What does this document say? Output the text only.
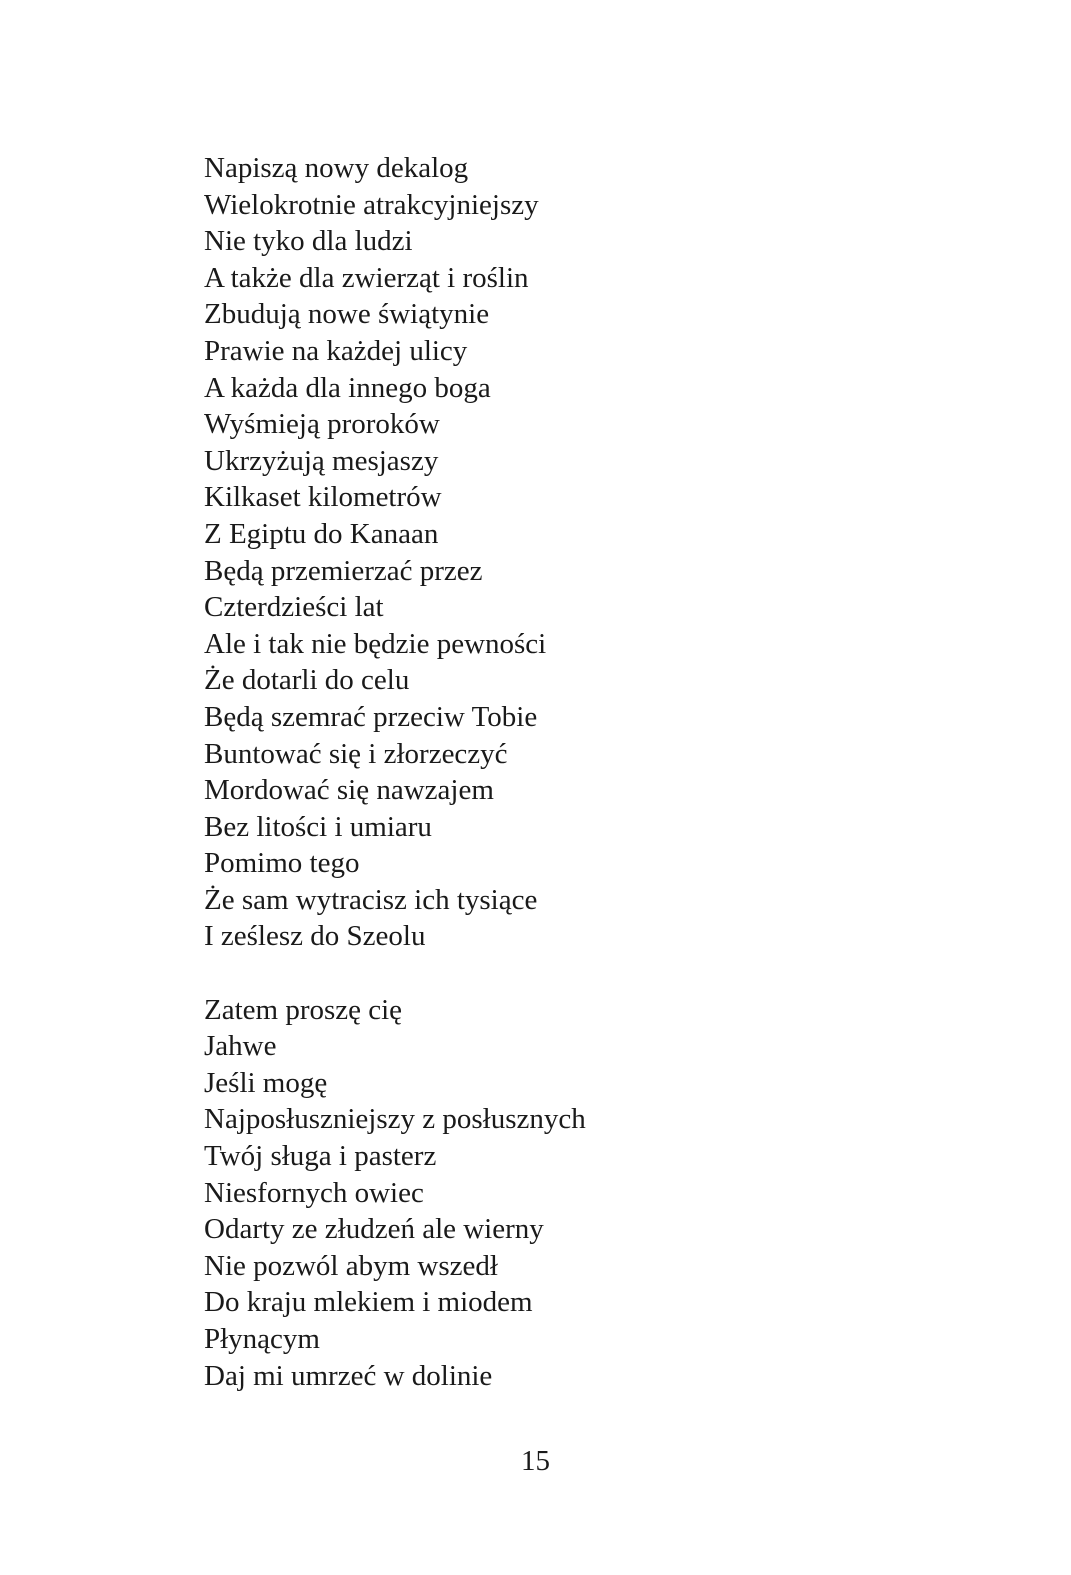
Napiszą nowy dekalog
Wielokrotnie atrakcyjniejszy
Nie tyko dla ludzi
A także dla zwierząt i roślin
Zbudują nowe świątynie
Prawie na każdej ulicy
A każda dla innego boga
Wyśmieją proroków
Ukrzyżują mesjaszy
Kilkaset kilometrów
Z Egiptu do Kanaan
Będą przemierzać przez
Czterdzieści lat
Ale i tak nie będzie pewności
Że dotarli do celu
Będą szemrać przeciw Tobie
Buntować się i złorzeczyć
Mordować się nawzajem
Bez litości i umiaru
Pomimo tego
Że sam wytracisz ich tysiące
I ześlesz do Szeolu
Zatem proszę cię
Jahwe
Jeśli mogę
Najposłuszniejszy z posłusznych
Twój sługa i pasterz
Niesfornych owiec
Odarty ze złudzeń ale wierny
Nie pozwól abym wszedł
Do kraju mlekiem i miodem
Płynącym
Daj mi umrzeć w dolinie
15
